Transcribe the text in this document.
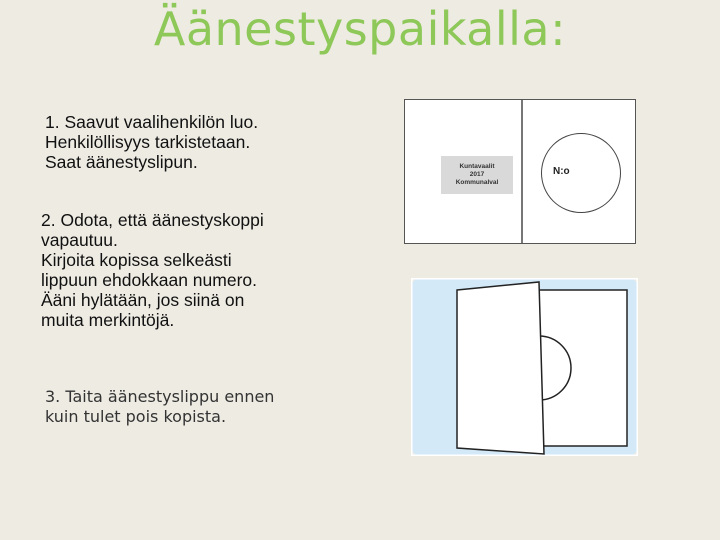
Äänestyspaikalla:
1. Saavut vaalihenkilön luo.
Henkilöllisyys tarkistetaan.
Saat äänestyslipun.
2. Odota, että äänestyskoppi
vapautuu.
Kirjoita kopissa selkeästi
lippuun ehdokkaan numero.
Ääni hylätään, jos siinä on
muita merkintöjä.
3. Taita äänestyslippu ennen
kuin tulet pois kopista.
Kuntavaalit
2017
Kommunalval
N:o
